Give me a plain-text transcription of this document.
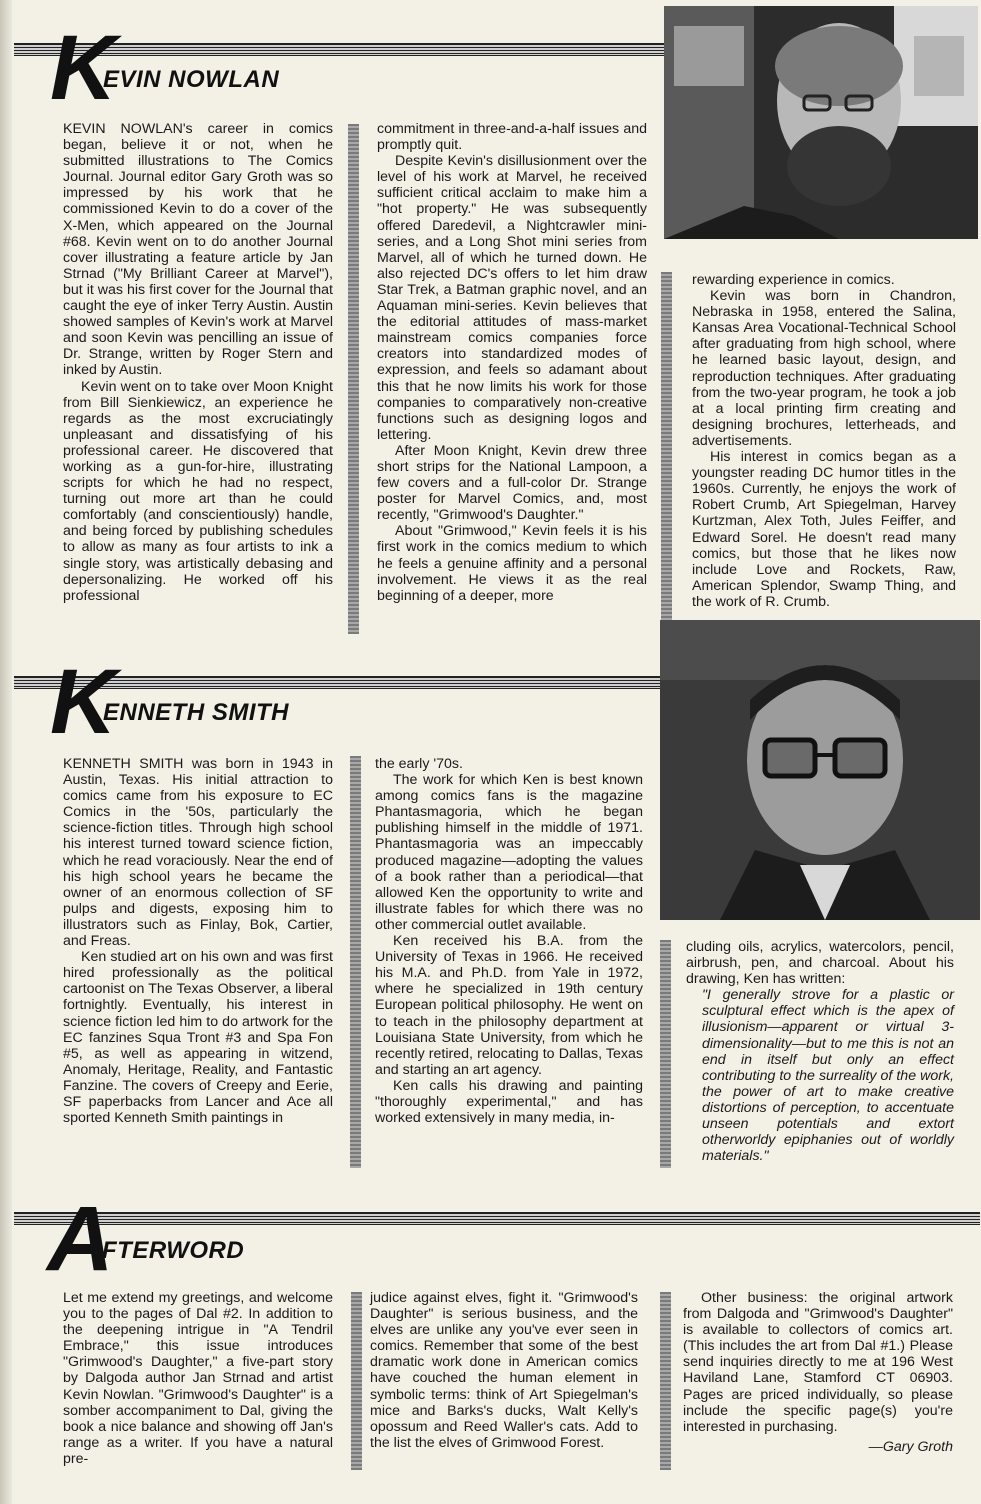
K
EVIN NOWLAN

KEVIN NOWLAN's career in comics began, believe it or not, when he submitted illustrations to The Comics Journal. Journal editor Gary Groth was so impressed by his work that he commissioned Kevin to do a cover of the X-Men, which appeared on the Journal #68. Kevin went on to do another Journal cover illustrating a feature article by Jan Strnad ("My Brilliant Career at Marvel"), but it was his first cover for the Journal that caught the eye of inker Terry Austin. Austin showed samples of Kevin's work at Marvel and soon Kevin was pencilling an issue of Dr. Strange, written by Roger Stern and inked by Austin.

Kevin went on to take over Moon Knight from Bill Sienkiewicz, an experience he regards as the most excruciatingly unpleasant and dissatisfying of his professional career. He discovered that working as a gun-for-hire, illustrating scripts for which he had no respect, turning out more art than he could comfortably (and conscientiously) handle, and being forced by publishing schedules to allow as many as four artists to ink a single story, was artistically debasing and depersonalizing. He worked off his professional

commitment in three-and-a-half issues and promptly quit.

Despite Kevin's disillusionment over the level of his work at Marvel, he received sufficient critical acclaim to make him a "hot property." He was subsequently offered Daredevil, a Nightcrawler mini-series, and a Long Shot mini series from Marvel, all of which he turned down. He also rejected DC's offers to let him draw Star Trek, a Batman graphic novel, and an Aquaman mini-series. Kevin believes that the editorial attitudes of mass-market mainstream comics companies force creators into standardized modes of expression, and feels so adamant about this that he now limits his work for those companies to comparatively non-creative functions such as designing logos and lettering.

After Moon Knight, Kevin drew three short strips for the National Lampoon, a few covers and a full-color Dr. Strange poster for Marvel Comics, and, most recently, "Grimwood's Daughter."

About "Grimwood," Kevin feels it is his first work in the comics medium to which he feels a genuine affinity and a personal involvement. He views it as the real beginning of a deeper, more

rewarding experience in comics.

Kevin was born in Chandron, Nebraska in 1958, entered the Salina, Kansas Area Vocational-Technical School after graduating from high school, where he learned basic layout, design, and reproduction techniques. After graduating from the two-year program, he took a job at a local printing firm creating and designing brochures, letterheads, and advertisements.

His interest in comics began as a youngster reading DC humor titles in the 1960s. Currently, he enjoys the work of Robert Crumb, Art Spiegelman, Harvey Kurtzman, Alex Toth, Jules Feiffer, and Edward Sorel. He doesn't read many comics, but those that he likes now include Love and Rockets, Raw, American Splendor, Swamp Thing, and the work of R. Crumb.

K
ENNETH SMITH

KENNETH SMITH was born in 1943 in Austin, Texas. His initial attraction to comics came from his exposure to EC Comics in the '50s, particularly the science-fiction titles. Through high school his interest turned toward science fiction, which he read voraciously. Near the end of his high school years he became the owner of an enormous collection of SF pulps and digests, exposing him to illustrators such as Finlay, Bok, Cartier, and Freas.

Ken studied art on his own and was first hired professionally as the political cartoonist on The Texas Observer, a liberal fortnightly. Eventually, his interest in science fiction led him to do artwork for the EC fanzines Squa Tront #3 and Spa Fon #5, as well as appearing in witzend, Anomaly, Heritage, Reality, and Fantastic Fanzine. The covers of Creepy and Eerie, SF paperbacks from Lancer and Ace all sported Kenneth Smith paintings in

the early '70s.

The work for which Ken is best known among comics fans is the magazine Phantasmagoria, which he began publishing himself in the middle of 1971. Phantasmagoria was an impeccably produced magazine—adopting the values of a book rather than a periodical—that allowed Ken the opportunity to write and illustrate fables for which there was no other commercial outlet available.

Ken received his B.A. from the University of Texas in 1966. He received his M.A. and Ph.D. from Yale in 1972, where he specialized in 19th century European political philosophy. He went on to teach in the philosophy department at Louisiana State University, from which he recently retired, relocating to Dallas, Texas and starting an art agency.

Ken calls his drawing and painting "thoroughly experimental," and has worked extensively in many media, in-

cluding oils, acrylics, watercolors, pencil, airbrush, pen, and charcoal. About his drawing, Ken has written:

"I generally strove for a plastic or sculptural effect which is the apex of illusionism—apparent or virtual 3-dimensionality—but to me this is not an end in itself but only an effect contributing to the surreality of the work, the power of art to make creative distortions of perception, to accentuate unseen potentials and extort otherworldy epiphanies out of worldly materials."

A
FTERWORD

Let me extend my greetings, and welcome you to the pages of Dal #2. In addition to the deepening intrigue in "A Tendril Embrace," this issue introduces "Grimwood's Daughter," a five-part story by Dalgoda author Jan Strnad and artist Kevin Nowlan. "Grimwood's Daughter" is a somber accompaniment to Dal, giving the book a nice balance and showing off Jan's range as a writer. If you have a natural pre-

judice against elves, fight it. "Grimwood's Daughter" is serious business, and the elves are unlike any you've ever seen in comics. Remember that some of the best dramatic work done in American comics have couched the human element in symbolic terms: think of Art Spiegelman's mice and Barks's ducks, Walt Kelly's opossum and Reed Waller's cats. Add to the list the elves of Grimwood Forest.

Other business: the original artwork from Dalgoda and "Grimwood's Daughter" is available to collectors of comics art. (This includes the art from Dal #1.) Please send inquiries directly to me at 196 West Haviland Lane, Stamford CT 06903. Pages are priced individually, so please include the specific page(s) you're interested in purchasing.

—Gary Groth
